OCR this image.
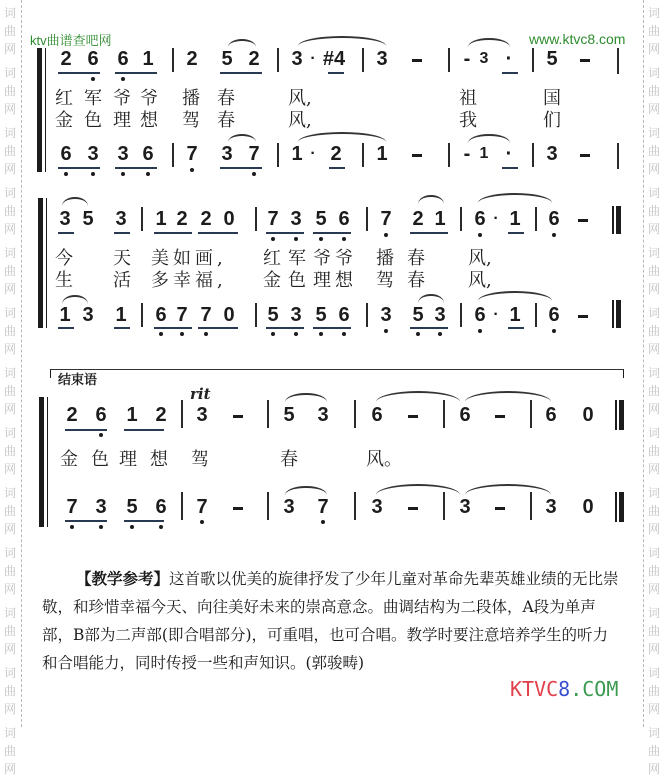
词
曲
网
词
曲
网
词
曲
网
词
曲
网
词
曲
网
词
曲
网
词
曲
网
词
曲
网
词
曲
网
词
曲
网
词
曲
网
词
曲
网
词
曲
网
词
曲
网
词
曲
网
词
曲
网
词
曲
网
词
曲
网
词
曲
网
词
曲
网
词
曲
网
词
曲
网
词
曲
网
词
曲
网
词
曲
网
词
曲
网
ktv曲谱查吧网	www.ktvc8.com
2 6 6 1 2 5 2 3 · #4 3	- 3 · 5
红 军 爷 爷 播 春	风,	祖	国
金 色 理 想 驾 春	风,	我	们
6 3 3 6 7 3 7 1 · 2 1	- 1 · 3
3 5 3 1 2 2 0 7 3 5 6 7 2 1 6 · 1 6
今 天 美如画, 红 军 爷 爷 播 春 风,
生 活 多幸福, 金 色 理 想 驾 春 风,
1 3 1 6 7 7 0 5 3 5 6 3 5 3 6 · 1 6
结束语
rit
2 6 1 2 3	5 3 6	6	6 0
金 色 理 想 驾	春	风。
7 3 5 6 7	3 7 3	3	3 0
【教学参考】这首歌以优美的旋律抒发了少年儿童对革命先辈英雄业绩的无比崇敬，和珍惜幸福今天、向往美好未来的崇高意念。曲调结构为二段体，A段为单声部，B部为二声部(即合唱部分)，可重唱，也可合唱。教学时要注意培养学生的听力和合唱能力，同时传授一些和声知识。(郭骏畴)
KTVC8.COM
